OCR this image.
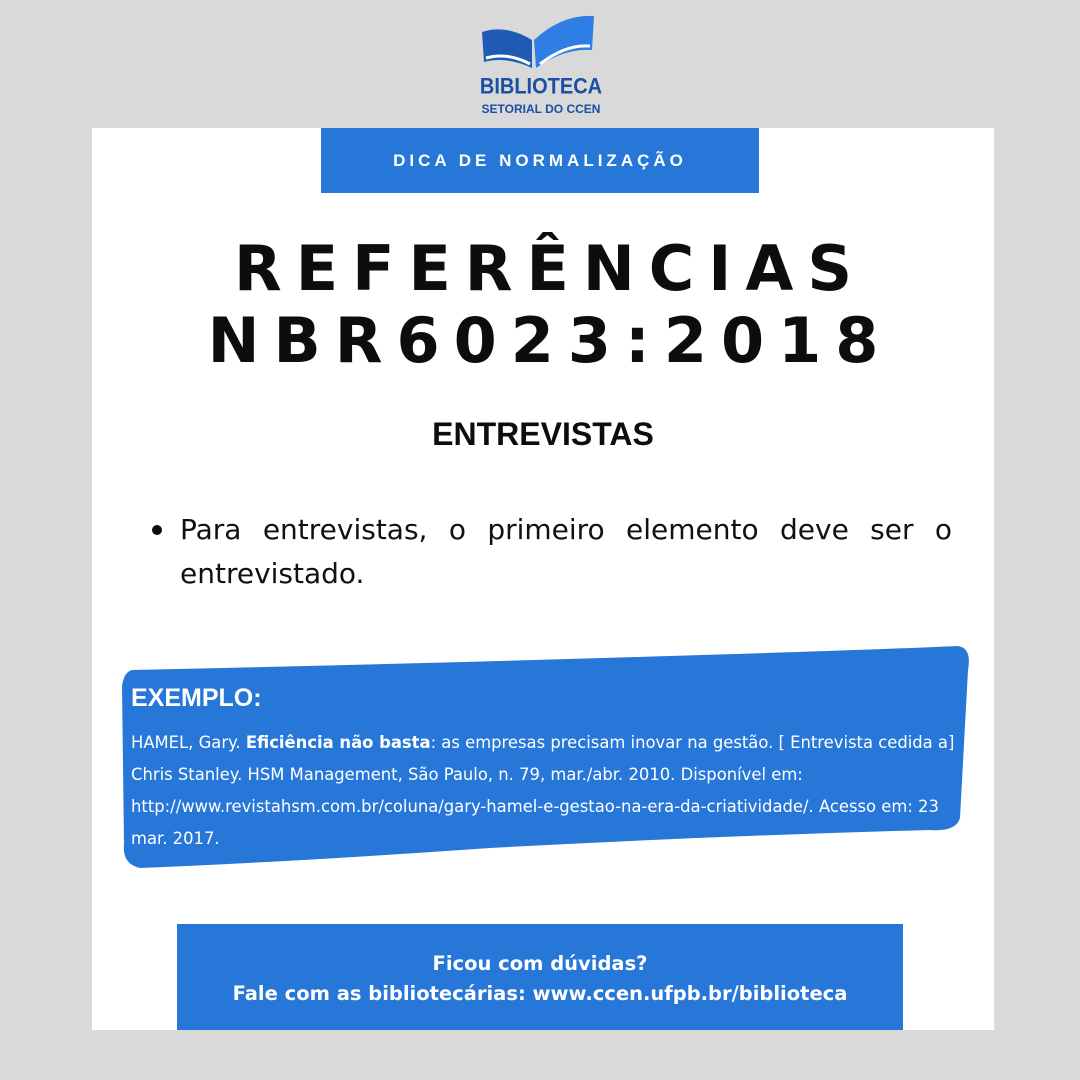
BIBLIOTECA
SETORIAL DO CCEN
DICA DE NORMALIZAÇÃO
REFERÊNCIAS
NBR6023:2018
ENTREVISTAS
Para entrevistas, o primeiro elemento deve ser o entrevistado.
EXEMPLO:
HAMEL, Gary. Eficiência não basta: as empresas precisam inovar na gestão. [ Entrevista cedida a] Chris Stanley. HSM Management, São Paulo, n. 79, mar./abr. 2010. Disponível em: http://www.revistahsm.com.br/coluna/gary-hamel-e-gestao-na-era-da-criatividade/. Acesso em: 23 mar. 2017.
Ficou com dúvidas?
Fale com as bibliotecárias: www.ccen.ufpb.br/biblioteca
